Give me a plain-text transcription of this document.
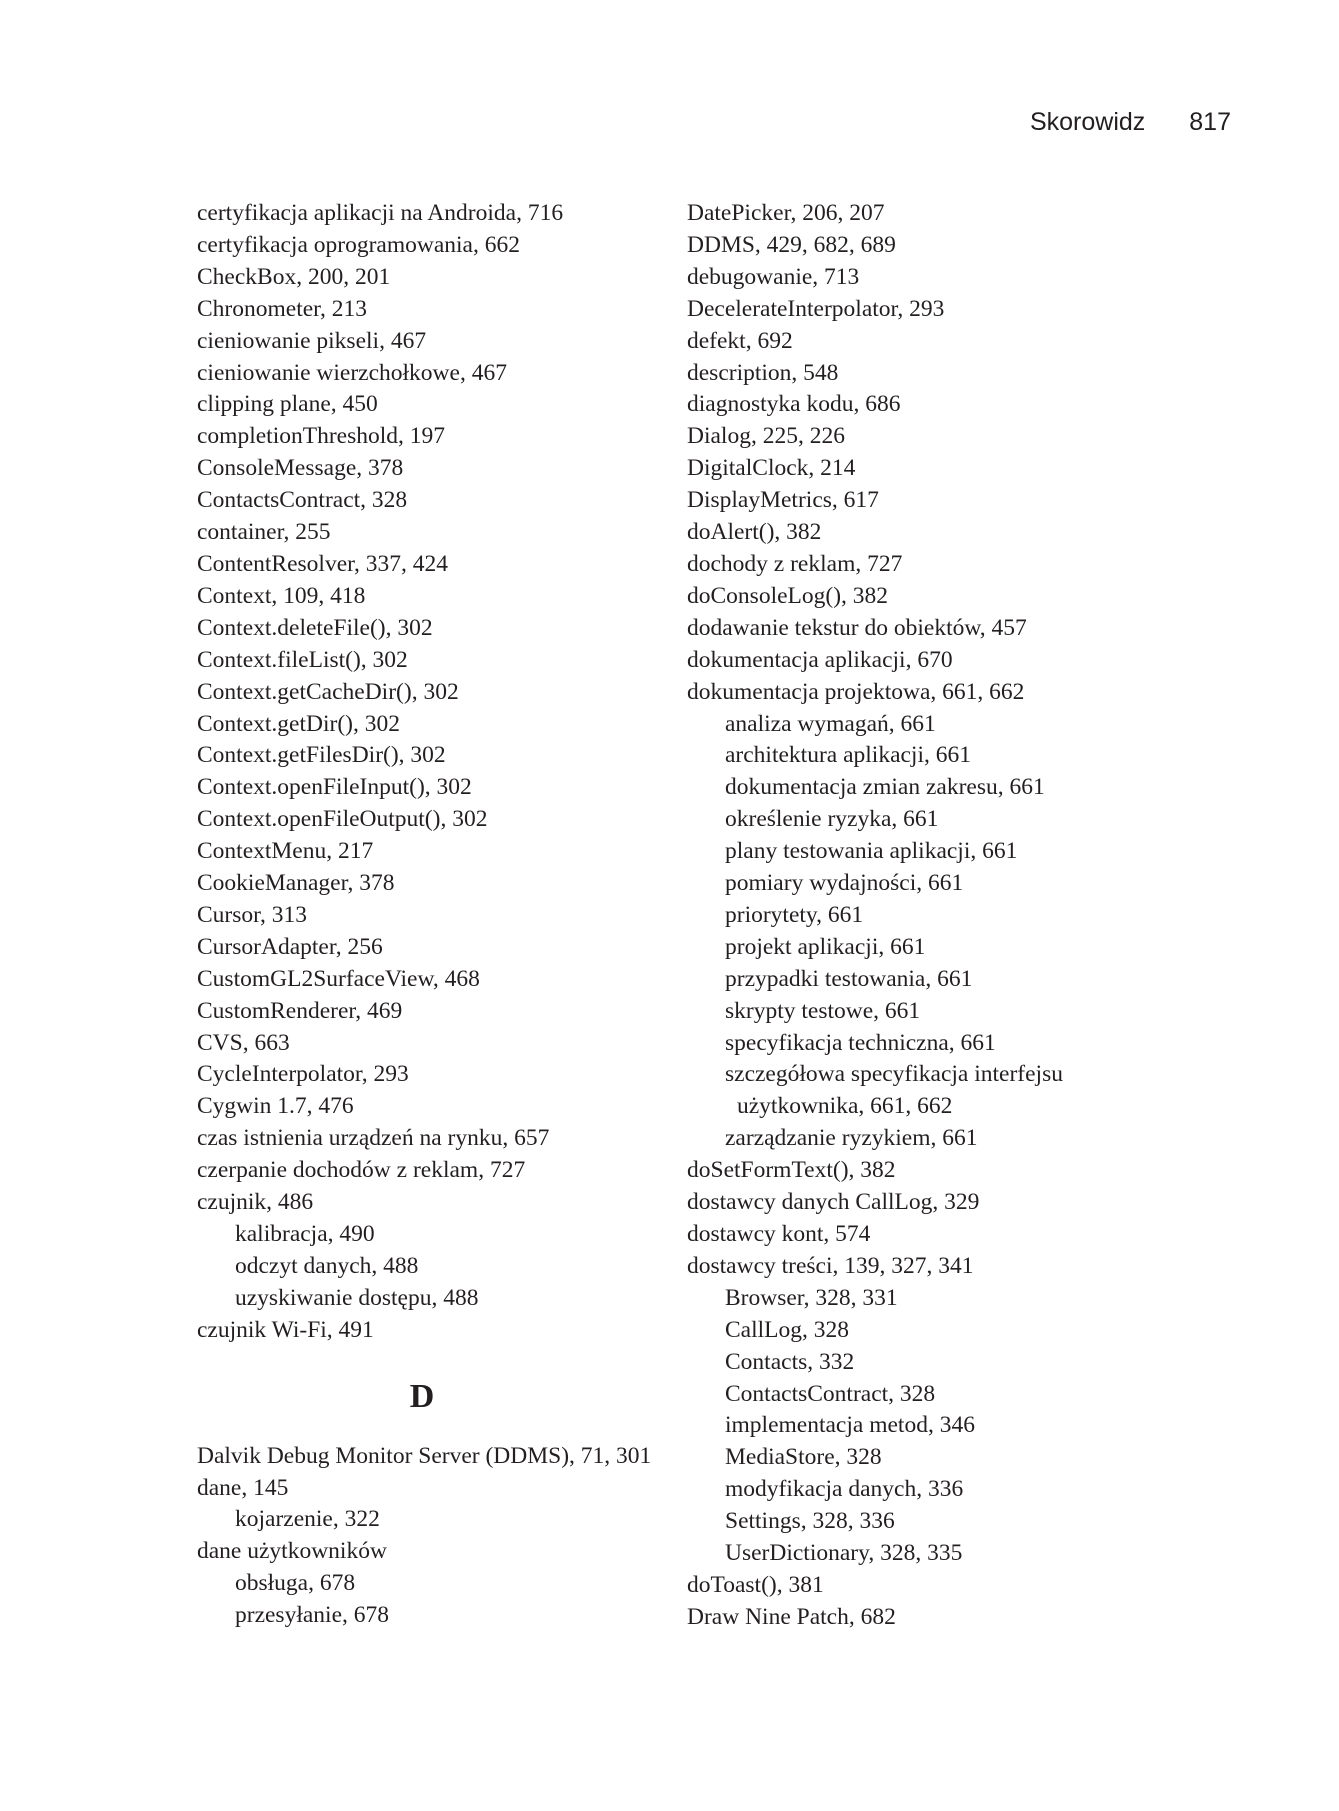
Skorowidz 817
certyfikacja aplikacji na Androida, 716
certyfikacja oprogramowania, 662
CheckBox, 200, 201
Chronometer, 213
cieniowanie pikseli, 467
cieniowanie wierzchołkowe, 467
clipping plane, 450
completionThreshold, 197
ConsoleMessage, 378
ContactsContract, 328
container, 255
ContentResolver, 337, 424
Context, 109, 418
Context.deleteFile(), 302
Context.fileList(), 302
Context.getCacheDir(), 302
Context.getDir(), 302
Context.getFilesDir(), 302
Context.openFileInput(), 302
Context.openFileOutput(), 302
ContextMenu, 217
CookieManager, 378
Cursor, 313
CursorAdapter, 256
CustomGL2SurfaceView, 468
CustomRenderer, 469
CVS, 663
CycleInterpolator, 293
Cygwin 1.7, 476
czas istnienia urządzeń na rynku, 657
czerpanie dochodów z reklam, 727
czujnik, 486
kalibracja, 490
odczyt danych, 488
uzyskiwanie dostępu, 488
czujnik Wi-Fi, 491
D
Dalvik Debug Monitor Server (DDMS), 71, 301
dane, 145
kojarzenie, 322
dane użytkowników
obsługa, 678
przesyłanie, 678
DatePicker, 206, 207
DDMS, 429, 682, 689
debugowanie, 713
DecelerateInterpolator, 293
defekt, 692
description, 548
diagnostyka kodu, 686
Dialog, 225, 226
DigitalClock, 214
DisplayMetrics, 617
doAlert(), 382
dochody z reklam, 727
doConsoleLog(), 382
dodawanie tekstur do obiektów, 457
dokumentacja aplikacji, 670
dokumentacja projektowa, 661, 662
analiza wymagań, 661
architektura aplikacji, 661
dokumentacja zmian zakresu, 661
określenie ryzyka, 661
plany testowania aplikacji, 661
pomiary wydajności, 661
priorytety, 661
projekt aplikacji, 661
przypadki testowania, 661
skrypty testowe, 661
specyfikacja techniczna, 661
szczegółowa specyfikacja interfejsu
użytkownika, 661, 662
zarządzanie ryzykiem, 661
doSetFormText(), 382
dostawcy danych CallLog, 329
dostawcy kont, 574
dostawcy treści, 139, 327, 341
Browser, 328, 331
CallLog, 328
Contacts, 332
ContactsContract, 328
implementacja metod, 346
MediaStore, 328
modyfikacja danych, 336
Settings, 328, 336
UserDictionary, 328, 335
doToast(), 381
Draw Nine Patch, 682
